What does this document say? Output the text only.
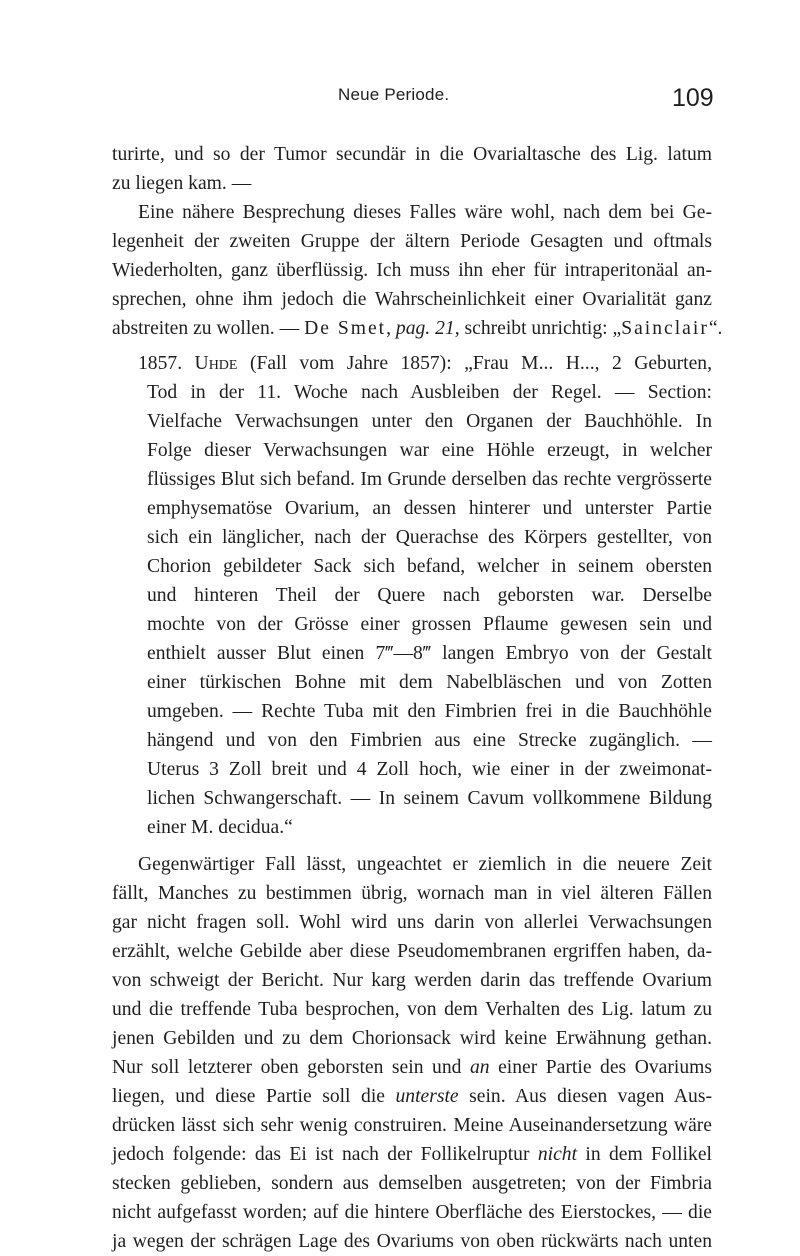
Neue Periode.	109
turirte, und so der Tumor secundär in die Ovarialtasche des Lig. latum
zu liegen kam. —
Eine nähere Besprechung dieses Falles wäre wohl, nach dem bei Ge-
legenheit der zweiten Gruppe der ältern Periode Gesagten und oftmals
Wiederholten, ganz überflüssig. Ich muss ihn eher für intraperitonäal an-
sprechen, ohne ihm jedoch die Wahrscheinlichkeit einer Ovarialität ganz
abstreiten zu wollen. — De Smet, pag. 21, schreibt unrichtig: „Sainclair“.
1857. Uhde (Fall vom Jahre 1857): „Frau M... H..., 2 Geburten,
Tod in der 11. Woche nach Ausbleiben der Regel. — Section:
Vielfache Verwachsungen unter den Organen der Bauchhöhle. In
Folge dieser Verwachsungen war eine Höhle erzeugt, in welcher
flüssiges Blut sich befand. Im Grunde derselben das rechte vergrösserte
emphysematöse Ovarium, an dessen hinterer und unterster Partie
sich ein länglicher, nach der Querachse des Körpers gestellter, von
Chorion gebildeter Sack sich befand, welcher in seinem obersten
und hinteren Theil der Quere nach geborsten war. Derselbe
mochte von der Grösse einer grossen Pflaume gewesen sein und
enthielt ausser Blut einen 7‴—8‴ langen Embryo von der Gestalt
einer türkischen Bohne mit dem Nabelbläschen und von Zotten
umgeben. — Rechte Tuba mit den Fimbrien frei in die Bauchhöhle
hängend und von den Fimbrien aus eine Strecke zugänglich. —
Uterus 3 Zoll breit und 4 Zoll hoch, wie einer in der zweimonat-
lichen Schwangerschaft. — In seinem Cavum vollkommene Bildung
einer M. decidua.“
Gegenwärtiger Fall lässt, ungeachtet er ziemlich in die neuere Zeit
fällt, Manches zu bestimmen übrig, wornach man in viel älteren Fällen
gar nicht fragen soll. Wohl wird uns darin von allerlei Verwachsungen
erzählt, welche Gebilde aber diese Pseudomembranen ergriffen haben, da-
von schweigt der Bericht. Nur karg werden darin das treffende Ovarium
und die treffende Tuba besprochen, von dem Verhalten des Lig. latum zu
jenen Gebilden und zu dem Chorionsack wird keine Erwähnung gethan.
Nur soll letzterer oben geborsten sein und an einer Partie des Ovariums
liegen, und diese Partie soll die unterste sein. Aus diesen vagen Aus-
drücken lässt sich sehr wenig construiren. Meine Auseinandersetzung wäre
jedoch folgende: das Ei ist nach der Follikelruptur nicht in dem Follikel
stecken geblieben, sondern aus demselben ausgetreten; von der Fimbria
nicht aufgefasst worden; auf die hintere Oberfläche des Eierstockes, — die
ja wegen der schrägen Lage des Ovariums von oben rückwärts nach unten
